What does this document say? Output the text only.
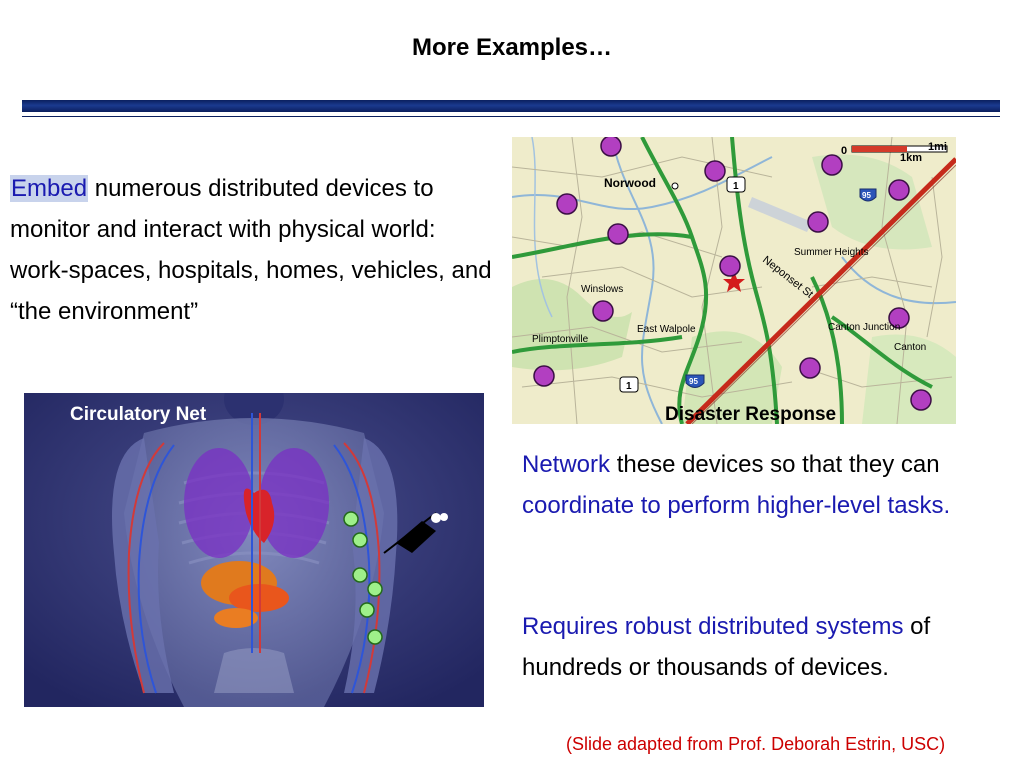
More Examples…
Embed numerous distributed devices to monitor and interact with physical world: work-spaces, hospitals, homes, vehicles, and “the environment”
Norwood
Summer Heights
Winslows
East Walpole
Plimptonville
Canton Junction
Canton
Neponset St
0	1mi
1km
1
95
1	95
Disaster Response
Network these devices so that they can coordinate to perform higher-level tasks.
Requires robust distributed systems of hundreds or thousands of devices.
Circulatory Net
(Slide adapted from Prof. Deborah Estrin, USC)
